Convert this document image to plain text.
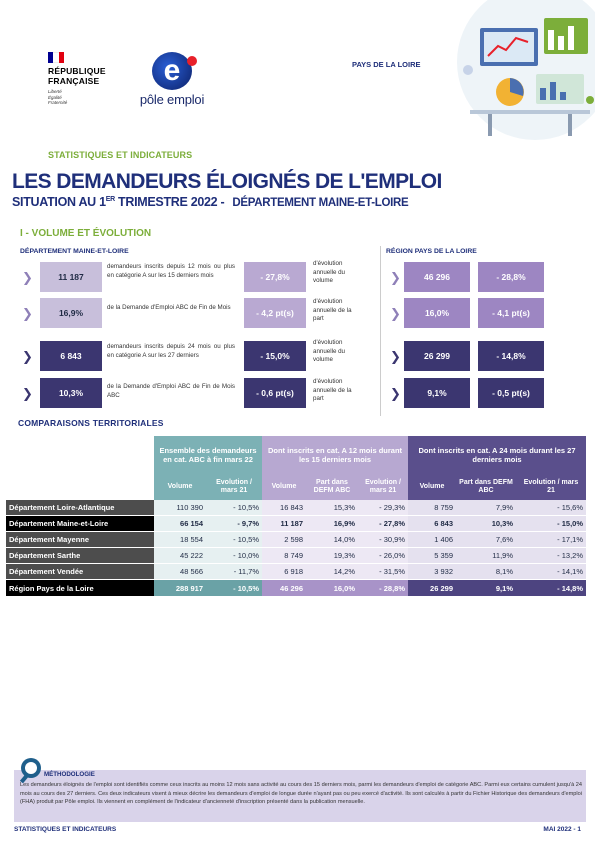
RÉPUBLIQUE
FRANÇAISE
Liberté
Égalité
Fraternité
e
pôle emploi
PAYS DE LA LOIRE
STATISTIQUES ET INDICATEURS
LES DEMANDEURS ÉLOIGNÉS DE L'EMPLOI
SITUATION AU 1ER TRIMESTRE 2022 - DÉPARTEMENT MAINE-ET-LOIRE
I - VOLUME ET ÉVOLUTION
DÉPARTEMENT MAINE-ET-LOIRE	RÉGION PAYS DE LA LOIRE
❯	11 187
demandeurs inscrits depuis 12 mois ou plus en catégorie A sur les 15 derniers mois	- 27,8%
d'évolution annuelle du volume	❯	46 296	- 28,8%
❯	16,9%
de la Demande d'Emploi ABC de Fin de Mois
- 4,2 pt(s)
d'évolution annuelle de la part	❯	16,0%	- 4,1 pt(s)
❯	6 843
demandeurs inscrits depuis 24 mois ou plus en catégorie A sur les 27 derniers	- 15,0%
d'évolution annuelle du volume	❯	26 299	- 14,8%
❯	10,3%
de la Demande d'Emploi ABC de Fin de Mois ABC	- 0,6 pt(s)
d'évolution annuelle de la part	❯	9,1%	- 0,5 pt(s)
COMPARAISONS TERRITORIALES
	Ensemble des demandeurs en cat. ABC à fin mars 22		Dont inscrits en cat. A 12 mois durant les 15 derniers mois			Dont inscrits en cat. A 24 mois durant les 27 derniers mois		
	Volume	Evolution / mars 21	Volume	Part dans DEFM ABC	Evolution / mars 21	Volume	Part dans DEFM ABC	Evolution / mars 21
Département Loire-Atlantique	110 390	- 10,5%	16 843	15,3%	- 29,3%	8 759	7,9%	- 15,6%
Département Maine-et-Loire	66 154	- 9,7%	11 187	16,9%	- 27,8%	6 843	10,3%	- 15,0%
Département Mayenne	18 554	- 10,5%	2 598	14,0%	- 30,9%	1 406	7,6%	- 17,1%
Département Sarthe	45 222	- 10,0%	8 749	19,3%	- 26,0%	5 359	11,9%	- 13,2%
Département Vendée	48 566	- 11,7%	6 918	14,2%	- 31,5%	3 932	8,1%	- 14,1%
Région Pays de la Loire	288 917	- 10,5%	46 296	16,0%	- 28,8%	26 299	9,1%	- 14,8%
MÉTHODOLOGIE
Les demandeurs éloignés de l'emploi sont identifiés comme ceux inscrits au moins 12 mois sans activité au cours des 15 derniers mois, parmi les demandeurs d'emploi de catégorie ABC. Parmi eux certains cumulent jusqu'à 24 mois au cours des 27 derniers. Ces deux indicateurs visent à mieux décrire les demandeurs d'emploi de longue durée n'ayant pas ou peu exercé d'activité. Ils sont calculés à partir du Fichier Historique des demandeurs d'emploi (FHA) produit par Pôle emploi. Ils viennent en complément de l'indicateur d'ancienneté d'inscription présenté dans la publication mensuelle.
STATISTIQUES ET INDICATEURS	MAI 2022 - 1
